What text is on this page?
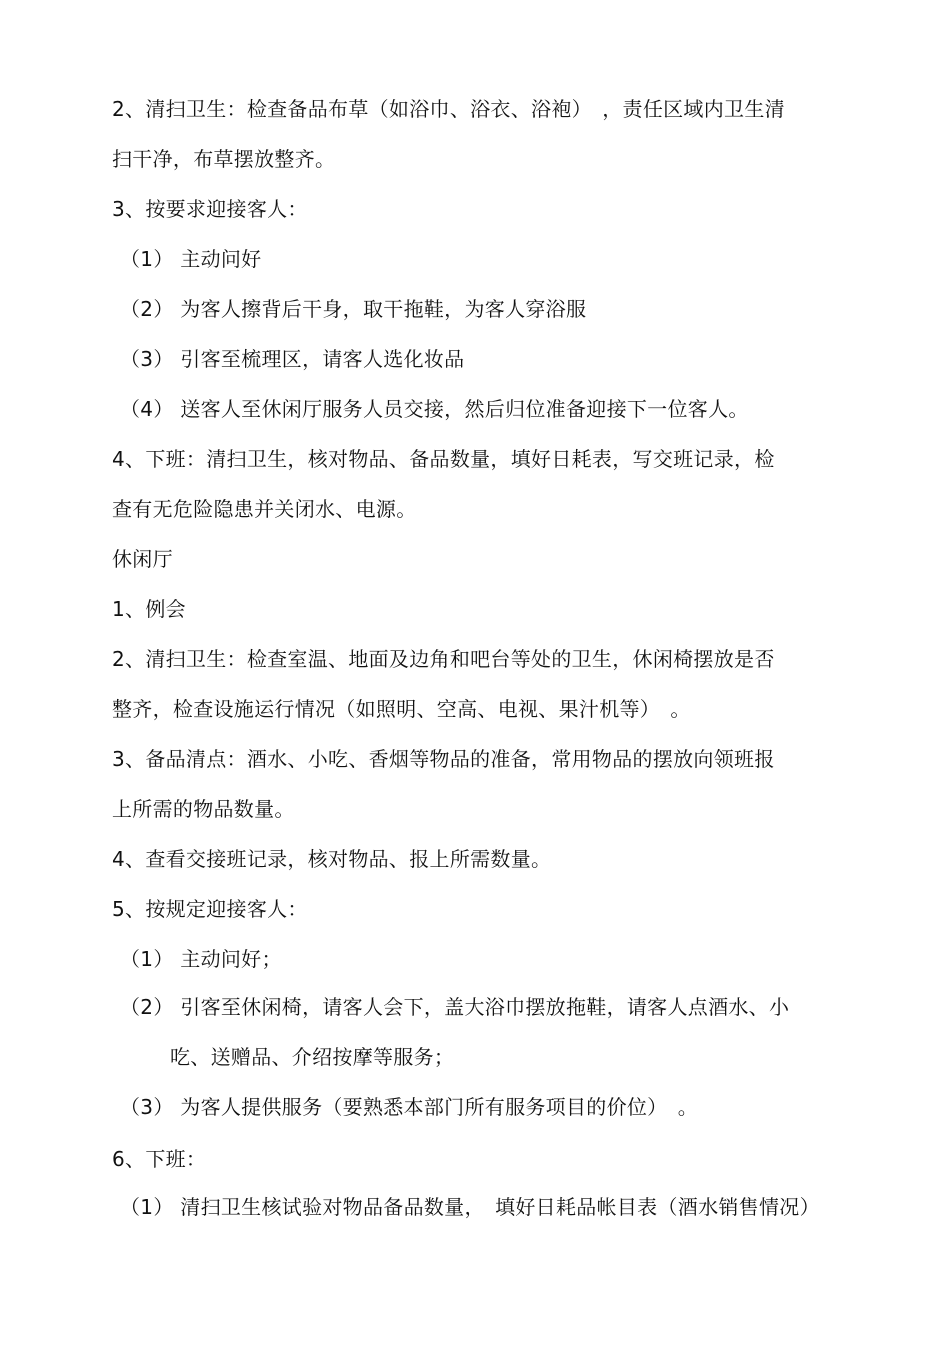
2、清扫卫生：检查备品布草（如浴巾、浴衣、浴袍）　，责任区域内卫生清
扫干净，布草摆放整齐。
3、按要求迎接客人：
（1） 主动问好
（2） 为客人擦背后干身，取干拖鞋，为客人穿浴服
（3） 引客至梳理区，请客人选化妆品
（4） 送客人至休闲厅服务人员交接，然后归位准备迎接下一位客人。
4、下班：清扫卫生，核对物品、备品数量，填好日耗表，写交班记录，检
查有无危险隐患并关闭水、电源。
休闲厅
1、例会
2、清扫卫生：检查室温、地面及边角和吧台等处的卫生，休闲椅摆放是否
整齐，检查设施运行情况（如照明、空高、电视、果汁机等）　。
3、备品清点：酒水、小吃、香烟等物品的准备，常用物品的摆放向领班报
上所需的物品数量。
4、查看交接班记录，核对物品、报上所需数量。
5、按规定迎接客人：
（1） 主动问好；
（2） 引客至休闲椅，请客人会下，盖大浴巾摆放拖鞋，请客人点酒水、小
吃、送赠品、介绍按摩等服务；
（3） 为客人提供服务（要熟悉本部门所有服务项目的价位）　。
6、下班：
（1） 清扫卫生核试验对物品备品数量，　填好日耗品帐目表（酒水销售情况）
